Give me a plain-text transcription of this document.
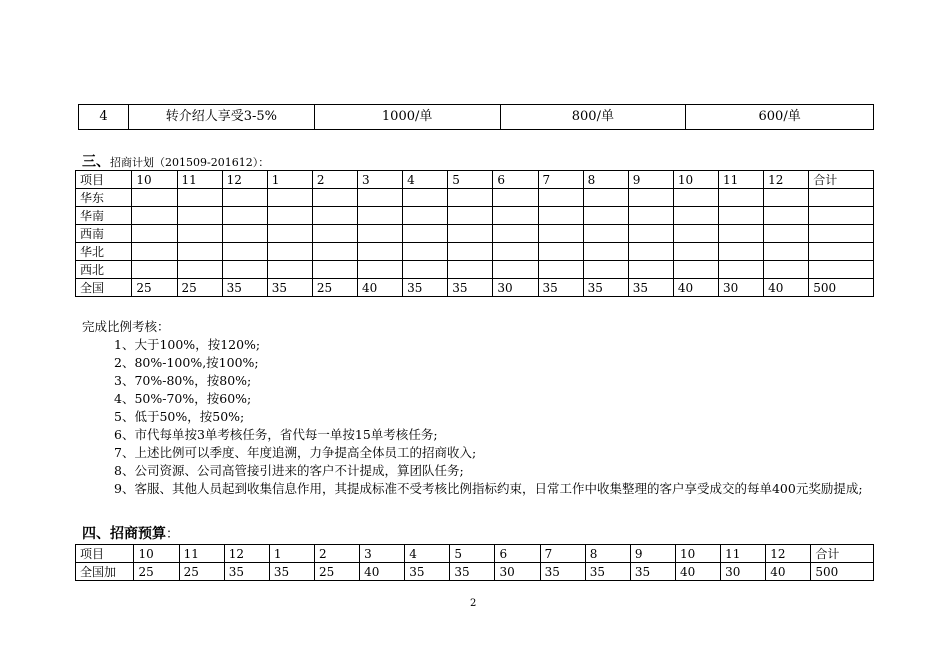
4	转介绍人享受3-5%	1000/单	800/单	600/单
三、招商计划（201509-201612）：
项目	10	11	12	1	2	3	4	5	6	7	8	9	10	11	12	合计
华东																
华南																
西南																
华北																
西北																
全国	25	25	35	35	25	40	35	35	30	35	35	35	40	30	40	500
完成比例考核：
1、大于100%，按120%;
2、80%-100%,按100%;
3、70%-80%，按80%;
4、50%-70%，按60%;
5、低于50%，按50%;
6、市代每单按3单考核任务，省代每一单按15单考核任务;
7、上述比例可以季度、年度追溯，力争提高全体员工的招商收入;
8、公司资源、公司高管接引进来的客户不计提成，算团队任务;
9、客服、其他人员起到收集信息作用，其提成标准不受考核比例指标约束，日常工作中收集整理的客户享受成交的每单400元奖励提成;
四、招商预算：
项目	10	11	12	1	2	3	4	5	6	7	8	9	10	11	12	合计
全国加	25	25	35	35	25	40	35	35	30	35	35	35	40	30	40	500
2
